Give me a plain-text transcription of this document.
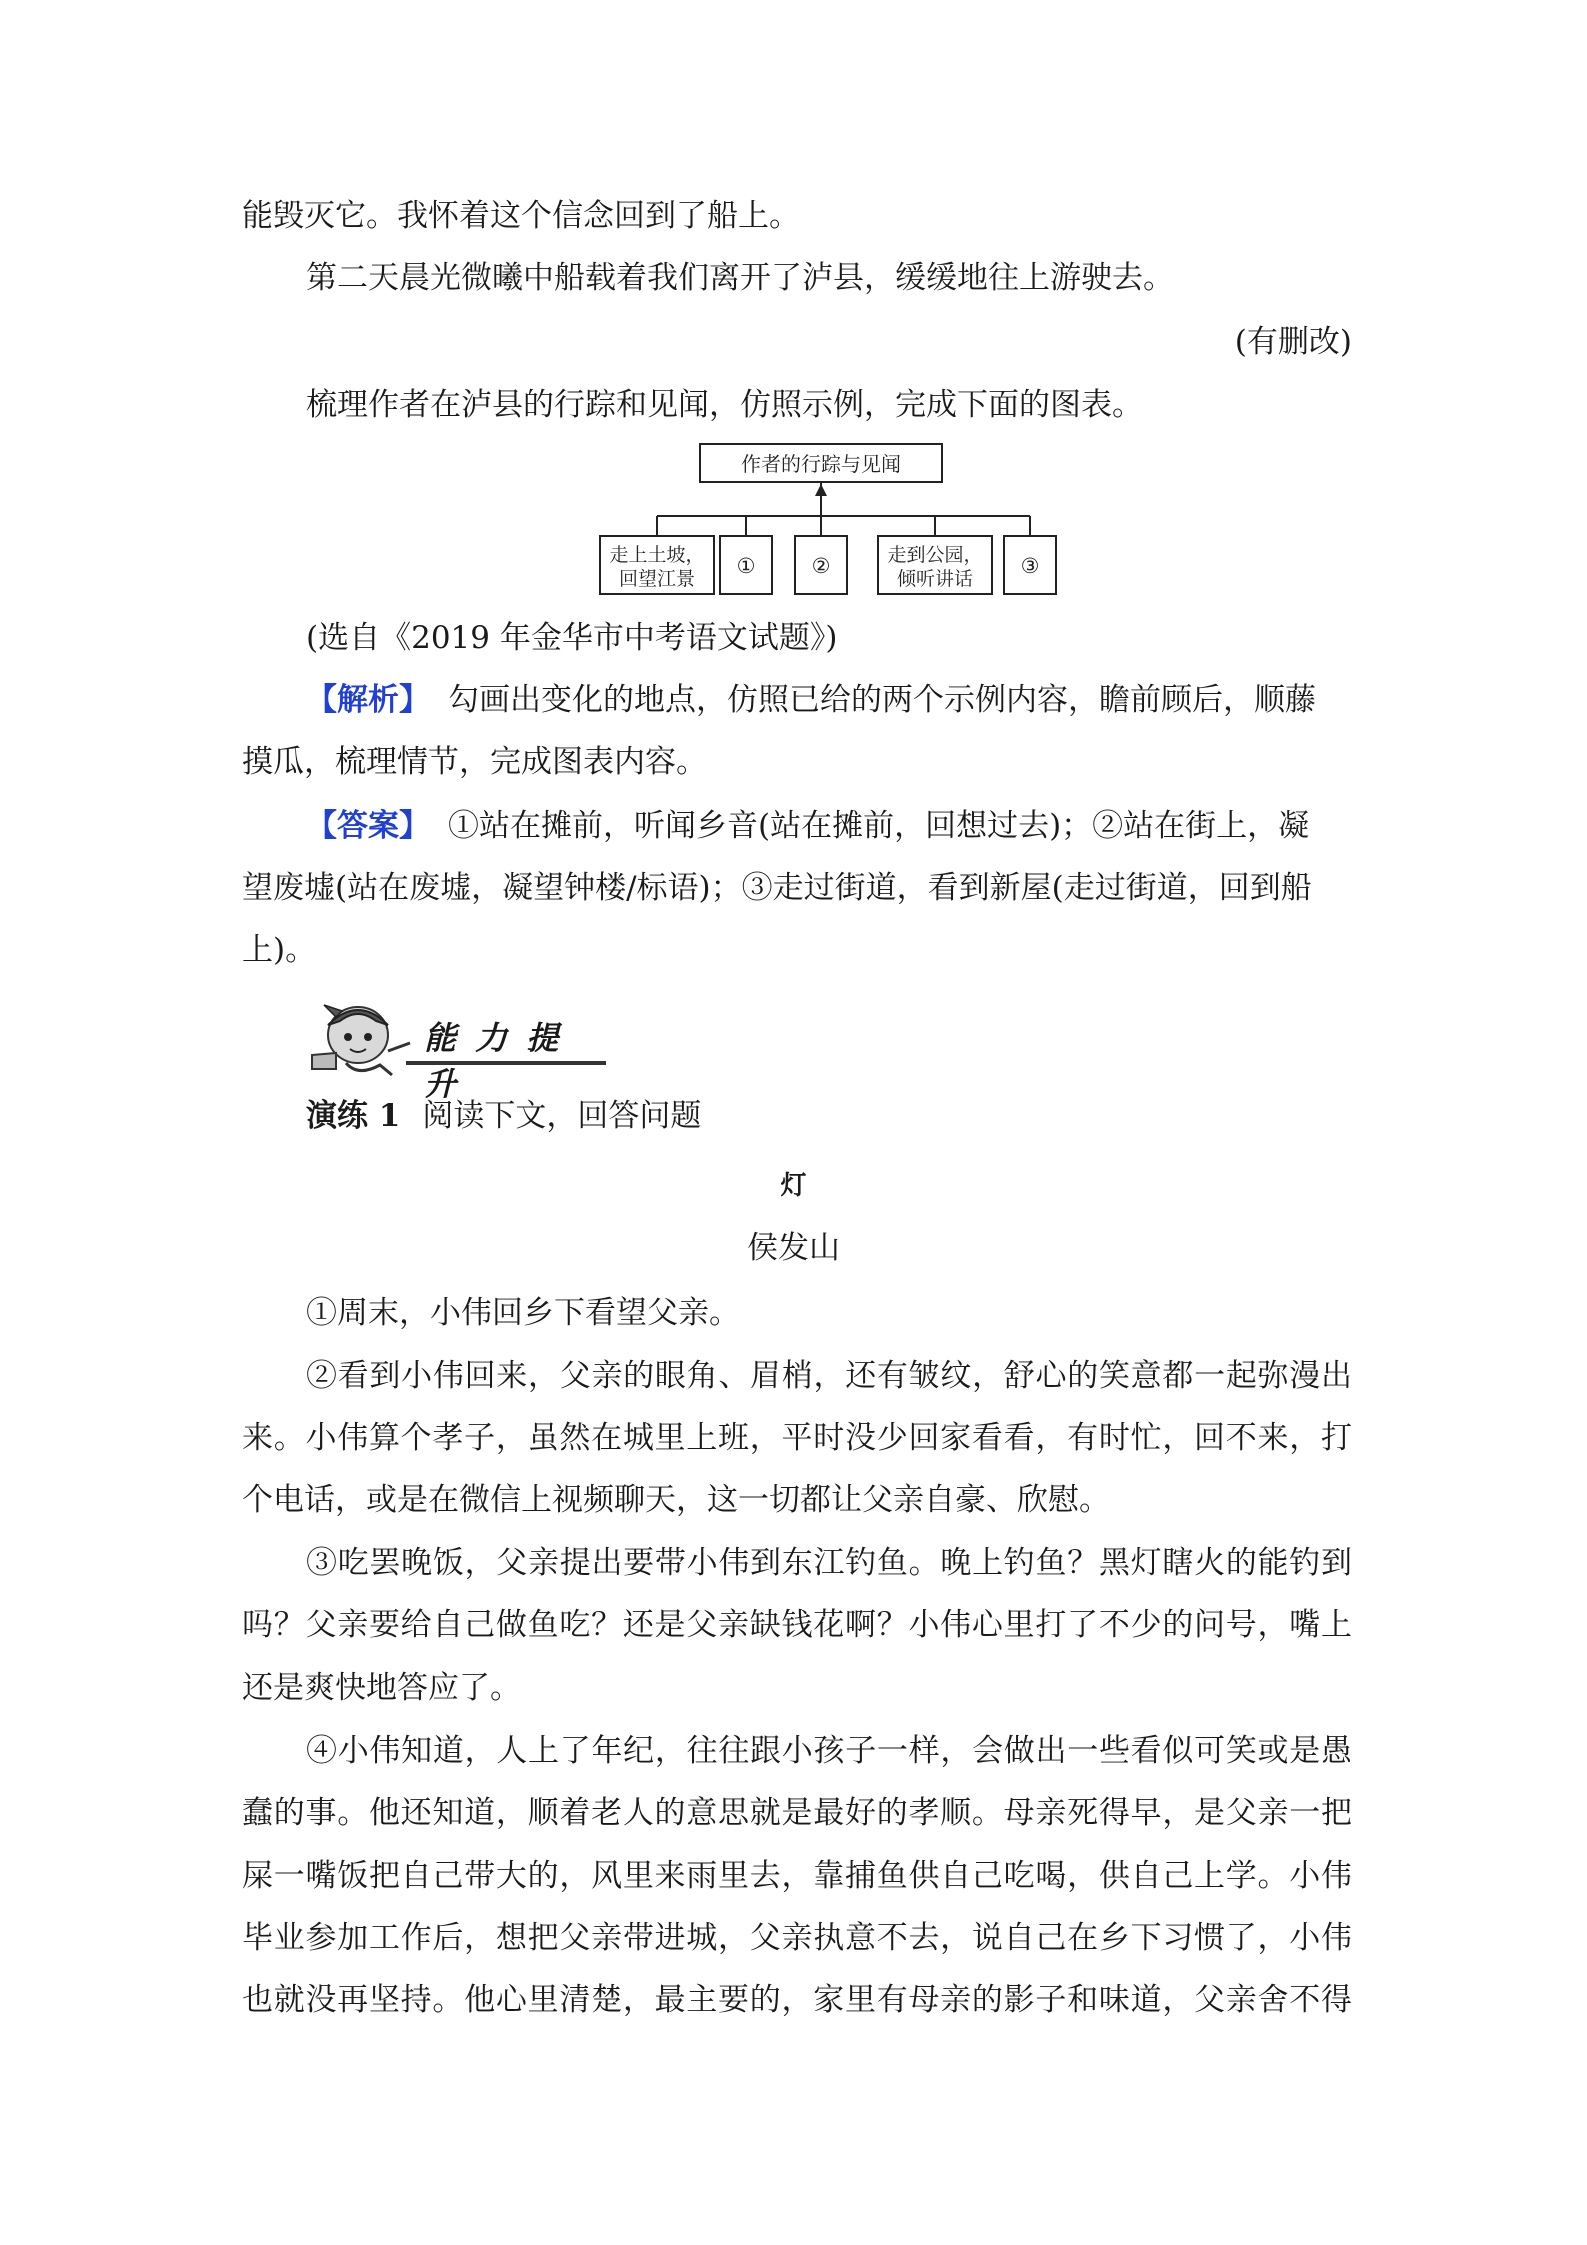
能毁灭它。我怀着这个信念回到了船上。
第二天晨光微曦中船载着我们离开了泸县，缓缓地往上游驶去。
(有删改)
梳理作者在泸县的行踪和见闻，仿照示例，完成下面的图表。
作者的行踪与见闻
走上土坡，
回望江景
①	②	走到公园，
倾听讲话
③
(选自《2019 年金华市中考语文试题》)
【解析】 勾画出变化的地点，仿照已给的两个示例内容，瞻前顾后，顺藤
摸瓜，梳理情节，完成图表内容。
【答案】 ①站在摊前，听闻乡音(站在摊前，回想过去)；②站在街上，凝
望废墟(站在废墟，凝望钟楼/标语)；③走过街道，看到新屋(走过街道，回到船
上)。
能 力 提 升
演练 1 阅读下文，回答问题
灯
侯发山
①周末，小伟回乡下看望父亲。
②看到小伟回来，父亲的眼角、眉梢，还有皱纹，舒心的笑意都一起弥漫出
来。小伟算个孝子，虽然在城里上班，平时没少回家看看，有时忙，回不来，打
个电话，或是在微信上视频聊天，这一切都让父亲自豪、欣慰。
③吃罢晚饭，父亲提出要带小伟到东江钓鱼。晚上钓鱼？黑灯瞎火的能钓到
吗？父亲要给自己做鱼吃？还是父亲缺钱花啊？小伟心里打了不少的问号，嘴上
还是爽快地答应了。
④小伟知道，人上了年纪，往往跟小孩子一样，会做出一些看似可笑或是愚
蠢的事。他还知道，顺着老人的意思就是最好的孝顺。母亲死得早，是父亲一把
屎一嘴饭把自己带大的，风里来雨里去，靠捕鱼供自己吃喝，供自己上学。小伟
毕业参加工作后，想把父亲带进城，父亲执意不去，说自己在乡下习惯了，小伟
也就没再坚持。他心里清楚，最主要的，家里有母亲的影子和味道，父亲舍不得
